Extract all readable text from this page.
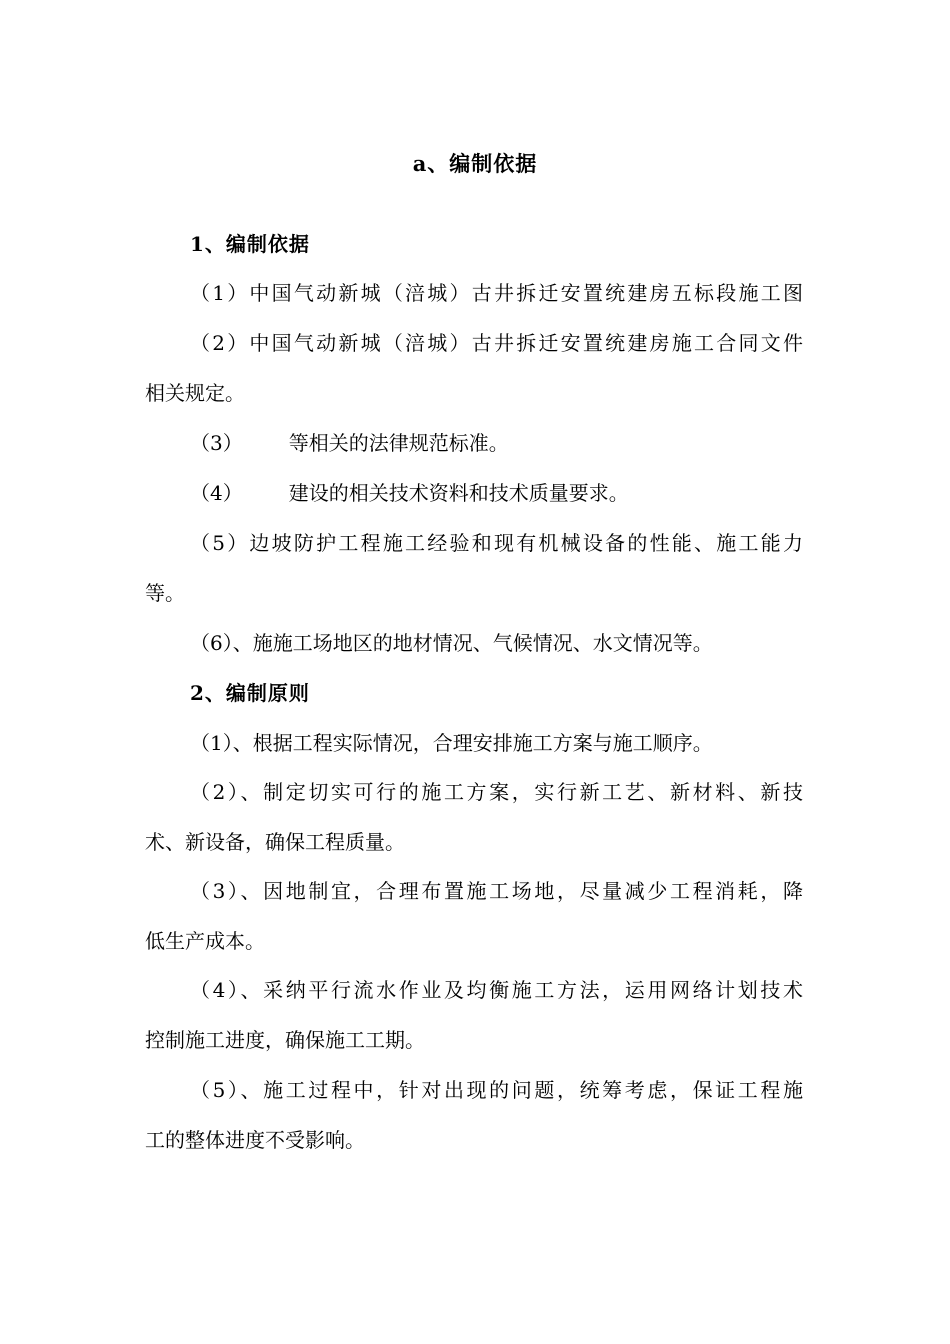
a、编制依据
1、编制依据
（1）中国气动新城（涪城）古井拆迁安置统建房五标段施工图
（2）中国气动新城（涪城）古井拆迁安置统建房施工合同文件
相关规定。
（3） 等相关的法律规范标准。
（4） 建设的相关技术资料和技术质量要求。
（5）边坡防护工程施工经验和现有机械设备的性能、施工能力
等。
（6）、施施工场地区的地材情况、气候情况、水文情况等。
2、编制原则
（1）、根据工程实际情况，合理安排施工方案与施工顺序。
（2）、制定切实可行的施工方案，实行新工艺、新材料、新技
术、新设备，确保工程质量。
（3）、因地制宜，合理布置施工场地，尽量减少工程消耗，降
低生产成本。
（4）、采纳平行流水作业及均衡施工方法，运用网络计划技术
控制施工进度，确保施工工期。
（5）、施工过程中，针对出现的问题，统筹考虑，保证工程施
工的整体进度不受影响。
